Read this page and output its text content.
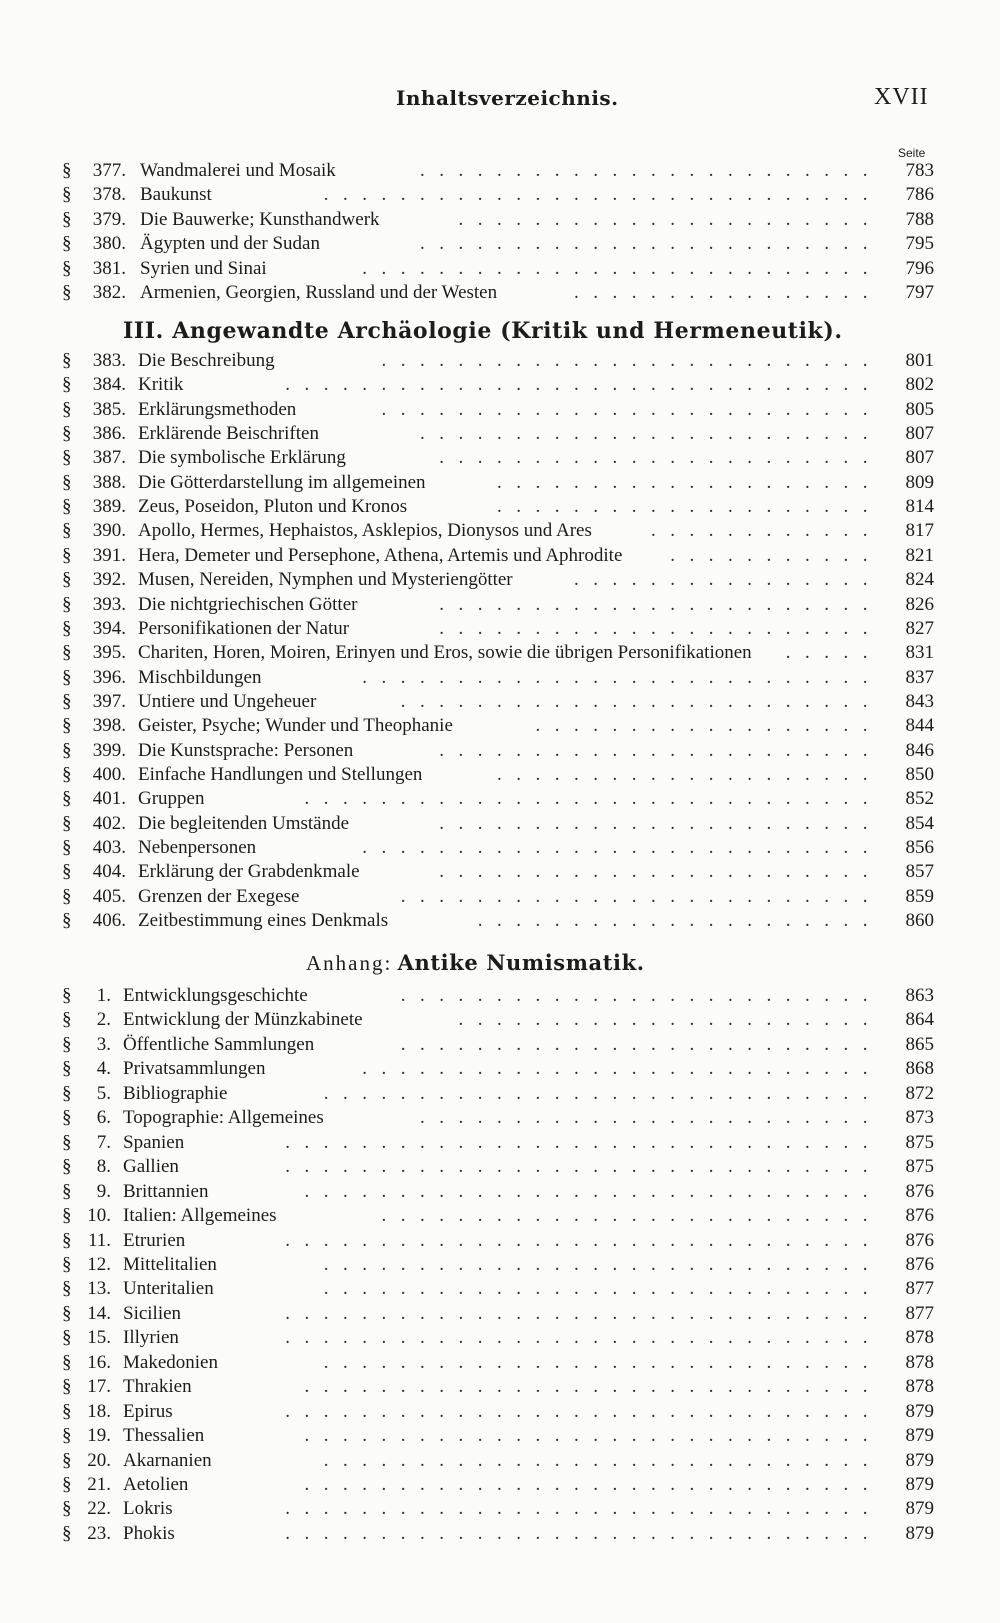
Inhaltsverzeichnis.	XVII
Seite
§	377. Wandmalerei und Mosaik	........................ 783
§	378. Baukunst	............................. 786
§	379. Die Bauwerke; Kunsthandwerk	...................... 788
§	380. Ägypten und der Sudan	........................ 795
§	381. Syrien und Sinai	........................... 796
§	382. Armenien, Georgien, Russland und der Westen	................ 797
III. Angewandte Archäologie (Kritik und Hermeneutik).
§	383. Die Beschreibung	.......................... 801
§	384. Kritik	............................... 802
§	385. Erklärungsmethoden	.......................... 805
§	386. Erklärende Beischriften	........................ 807
§	387. Die symbolische Erklärung	....................... 807
§	388. Die Götterdarstellung im allgemeinen	.................... 809
§	389. Zeus, Poseidon, Pluton und Kronos	.................... 814
§	390. Apollo, Hermes, Hephaistos, Asklepios, Dionysos und Ares	............ 817
§	391. Hera, Demeter und Persephone, Athena, Artemis und Aphrodite	........... 821
§	392. Musen, Nereiden, Nymphen und Mysteriengötter	................ 824
§	393. Die nichtgriechischen Götter	....................... 826
§	394. Personifikationen der Natur	....................... 827
§	395. Chariten, Horen, Moiren, Erinyen und Eros, sowie die übrigen Personifikationen	..... 831
§	396. Mischbildungen	........................... 837
§	397. Untiere und Ungeheuer	......................... 843
§	398. Geister, Psyche; Wunder und Theophanie	.................. 844
§	399. Die Kunstsprache: Personen	....................... 846
§	400. Einfache Handlungen und Stellungen	.................... 850
§	401. Gruppen	.............................. 852
§	402. Die begleitenden Umstände	....................... 854
§	403. Nebenpersonen	........................... 856
§	404. Erklärung der Grabdenkmale	....................... 857
§	405. Grenzen der Exegese	......................... 859
§	406. Zeitbestimmung eines Denkmals	..................... 860
Anhang: Antike Numismatik.
§	1. Entwicklungsgeschichte	......................... 863
§	2. Entwicklung der Münzkabinete	...................... 864
§	3. Öffentliche Sammlungen	......................... 865
§	4. Privatsammlungen	........................... 868
§	5. Bibliographie	............................. 872
§	6. Topographie: Allgemeines	........................ 873
§	7. Spanien	............................... 875
§	8. Gallien	............................... 875
§	9. Brittannien	.............................. 876
§ 10. Italien: Allgemeines	.......................... 876
§ 11. Etrurien	............................... 876
§ 12. Mittelitalien	............................. 876
§ 13. Unteritalien	............................. 877
§ 14. Sicilien	............................... 877
§ 15. Illyrien	............................... 878
§ 16. Makedonien	............................. 878
§ 17. Thrakien	.............................. 878
§ 18. Epirus	............................... 879
§ 19. Thessalien	.............................. 879
§ 20. Akarnanien	............................. 879
§ 21. Aetolien	.............................. 879
§ 22. Lokris	............................... 879
§ 23. Phokis	............................... 879
